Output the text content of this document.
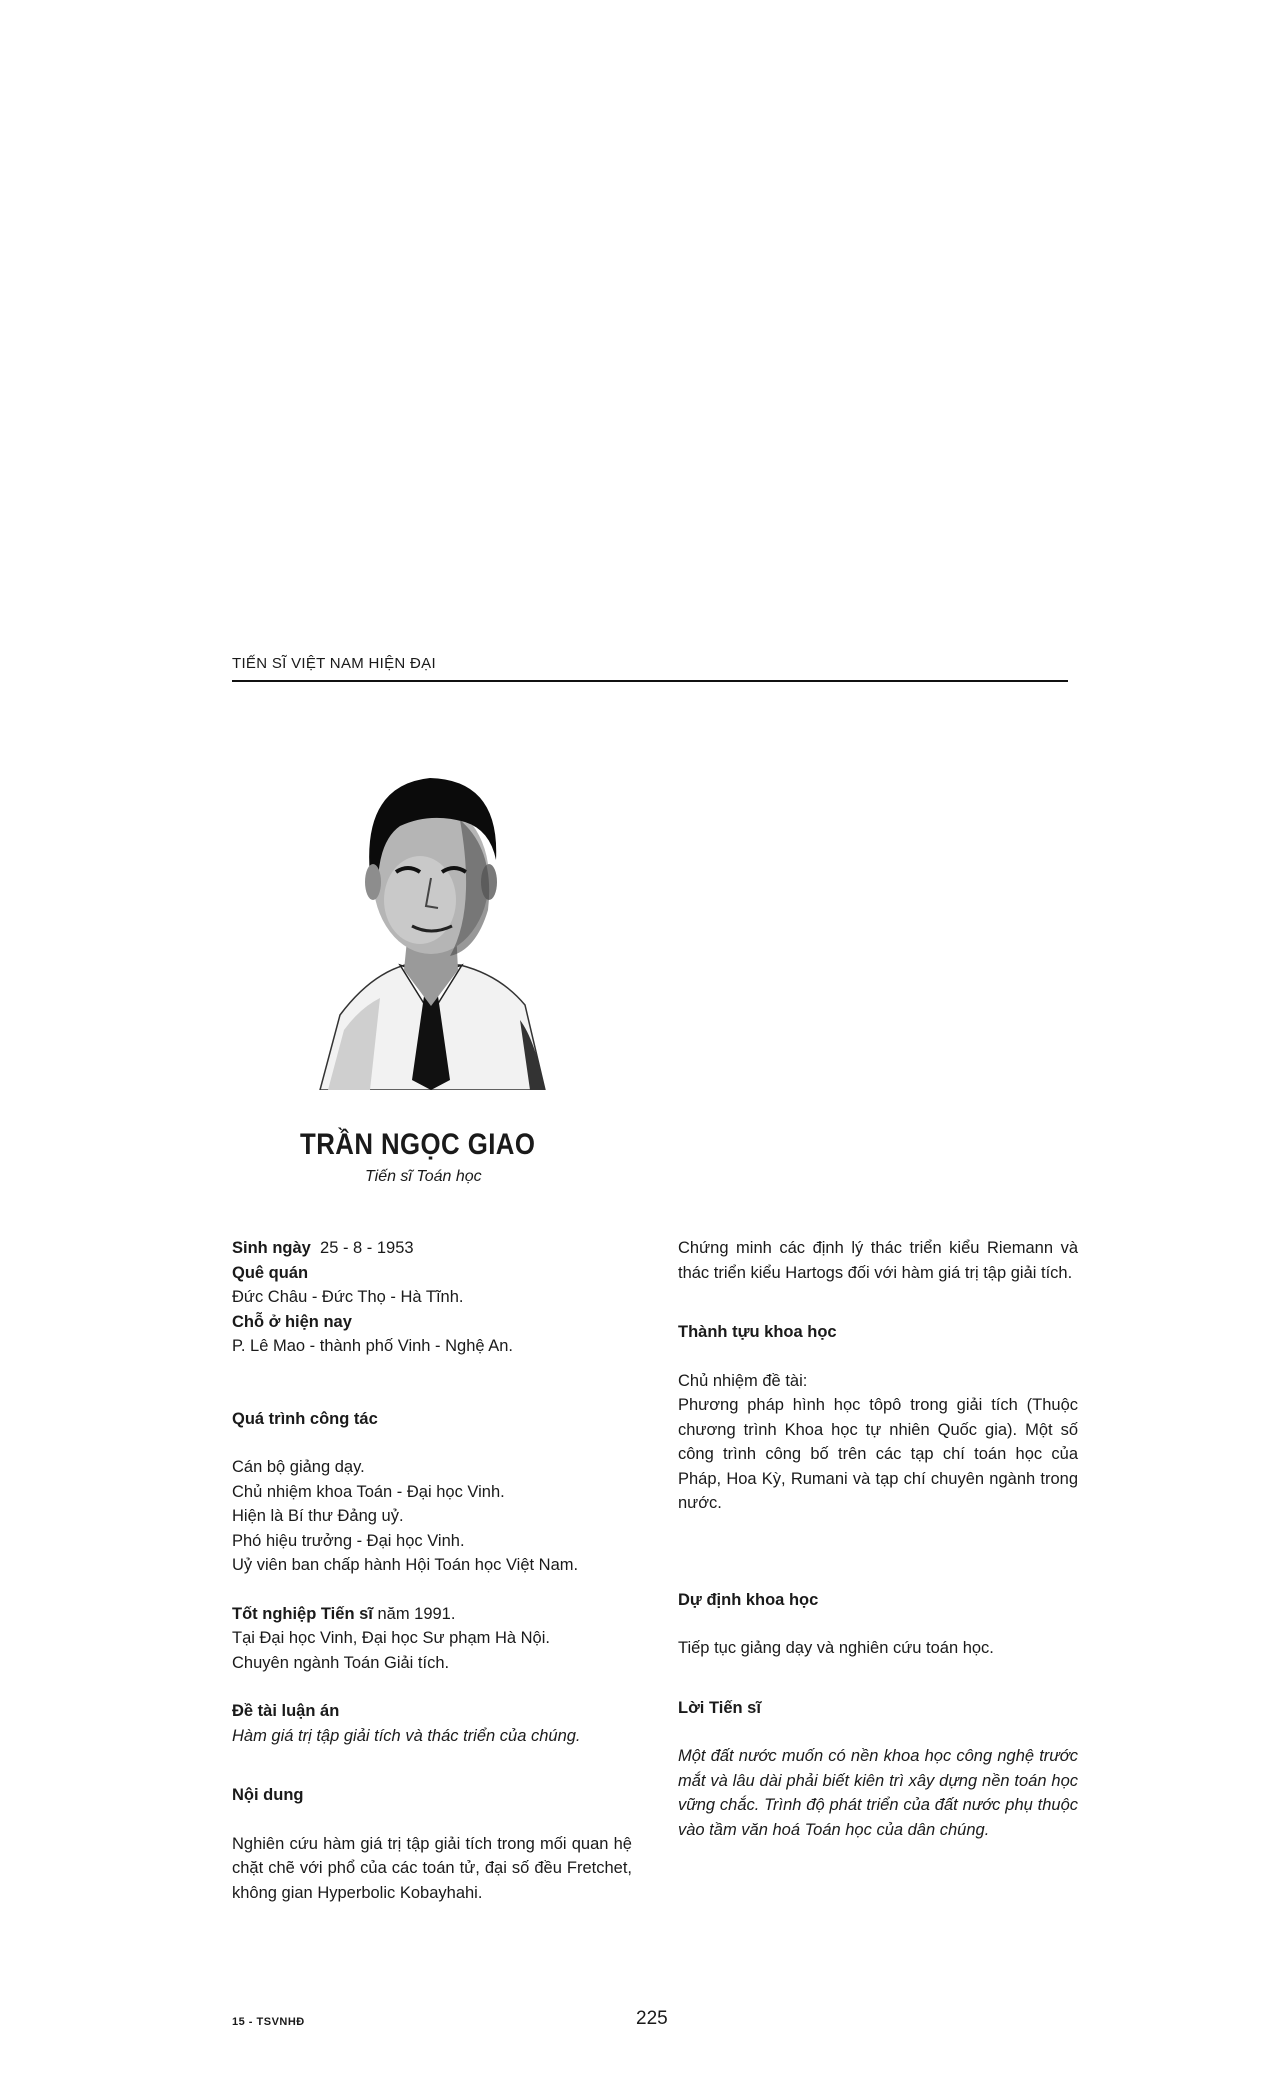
TIẾN SĨ VIỆT NAM HIỆN ĐẠI
TRẦN NGỌC GIAO
Tiến sĩ Toán học

Sinh ngày 25 - 8 - 1953

Quê quán

Đức Châu - Đức Thọ - Hà Tĩnh.

Chỗ ở hiện nay

P. Lê Mao - thành phố Vinh - Nghệ An.

Quá trình công tác

Cán bộ giảng dạy.

Chủ nhiệm khoa Toán - Đại học Vinh.

Hiện là Bí thư Đảng uỷ.

Phó hiệu trưởng - Đại học Vinh.

Uỷ viên ban chấp hành Hội Toán học Việt Nam.

Tốt nghiệp Tiến sĩ năm 1991.

Tại Đại học Vinh, Đại học Sư phạm Hà Nội.

Chuyên ngành Toán Giải tích.

Đề tài luận án

Hàm giá trị tập giải tích và thác triển của chúng.

Nội dung

Nghiên cứu hàm giá trị tập giải tích trong mối quan hệ chặt chẽ với phổ của các toán tử, đại số đều Fretchet, không gian Hyperbolic Kobayhahi.

Chứng minh các định lý thác triển kiểu Riemann và thác triển kiểu Hartogs đối với hàm giá trị tập giải tích.

Thành tựu khoa học

Chủ nhiệm đề tài:

Phương pháp hình học tôpô trong giải tích (Thuộc chương trình Khoa học tự nhiên Quốc gia). Một số công trình công bố trên các tạp chí toán học của Pháp, Hoa Kỳ, Rumani và tạp chí chuyên ngành trong nước.

Dự định khoa học

Tiếp tục giảng dạy và nghiên cứu toán học.

Lời Tiến sĩ

Một đất nước muốn có nền khoa học công nghệ trước mắt và lâu dài phải biết kiên trì xây dựng nền toán học vững chắc. Trình độ phát triển của đất nước phụ thuộc vào tầm văn hoá Toán học của dân chúng.

15 - TSVNHĐ	225
